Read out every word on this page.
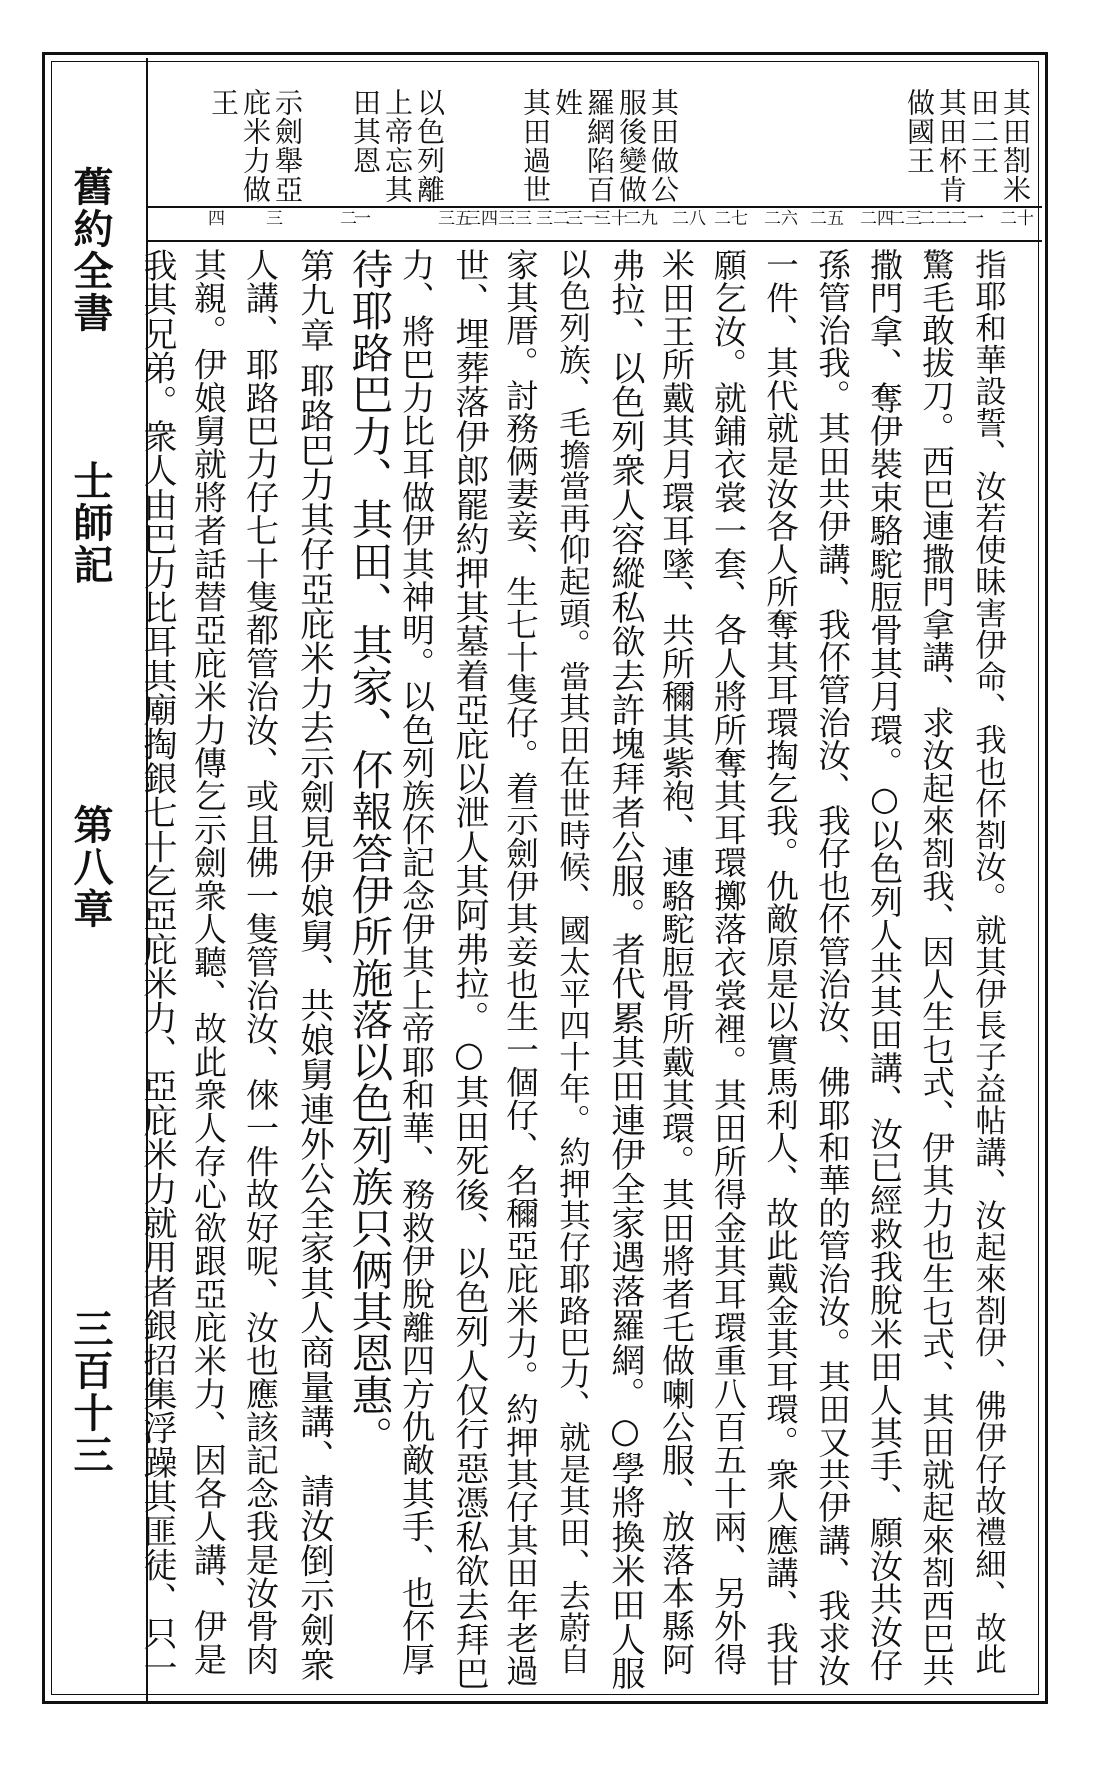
舊約全書
士師記
第八章
三百十三
其田剳米
田二王
其田杯肯
做國王
其田做公
服後變做
羅網陷百
姓
其田過世
以色列離
上帝忘其
田其恩
示劍舉亞
庇米力做
王
二十
二一
二二
二三
二四
二五
二六
二七
二八
二九
三十
三一
三二
三三
三四
三五
一
二
三
四
指耶和華設誓、汝若使昧害伊命、我也伓剳汝。就其伊長子益帖講、汝起來剳伊、佛伊仔故禮細、故此
驚毛敢拔刀。西巴連撒門拿講、求汝起來剳我、因人生乜式、伊其力也生乜式、其田就起來剳西巴共
撒門拿、奪伊裝束駱駝脰骨其月環。○以色列人共其田講、汝已經救我脫米田人其手、願汝共汝仔
孫管治我。其田共伊講、我伓管治汝、我仔也伓管治汝、佛耶和華的管治汝。其田又共伊講、我求汝
一件、其代就是汝各人所奪其耳環掏乞我。仇敵原是以實馬利人、故此戴金其耳環。衆人應講、我甘
願乞汝。就鋪衣裳一套、各人將所奪其耳環擲落衣裳裡。其田所得金其耳環重八百五十兩、另外得
米田王所戴其月環耳墜、共所穪其紫袍、連駱駝脰骨所戴其環。其田將者乇做喇公服、放落本縣阿
弗拉、以色列衆人容縱私欲去許塊拜者公服。者代累其田連伊全家遇落羅網。○學將換米田人服
以色列族、毛擔當再仰起頭。當其田在世時候、國太平四十年。約押其仔耶路巴力、就是其田、去蔚自
家其厝。討務俩妻妾、生七十隻仔。着示劍伊其妾也生一個仔、名穪亞庇米力。約押其仔其田年老過
世、埋葬落伊郎罷約押其墓着亞庇以泄人其阿弗拉。○其田死後、以色列人仅行惡憑私欲去拜巴
力、將巴力比耳做伊其神明。以色列族伓記念伊其上帝耶和華、務救伊脫離四方仇敵其手、也伓厚
待耶路巴力、其田、其家、伓報答伊所施落以色列族只俩其恩惠。
第九章 耶路巴力其仔亞庇米力去示劍見伊娘舅、共娘舅連外公全家其人商量講、請汝倒示劍衆
人講、耶路巴力仔七十隻都管治汝、或且佛一隻管治汝、倈一件故好呢、汝也應該記念我是汝骨肉
其親。伊娘舅就將者話替亞庇米力傳乞示劍衆人聽、故此衆人存心欲跟亞庇米力、因各人講、伊是
我其兄弟。衆人由巴力比耳其廟掏銀七十乞亞庇米力、亞庇米力就用者銀招集浮躁其匪徒、只一
